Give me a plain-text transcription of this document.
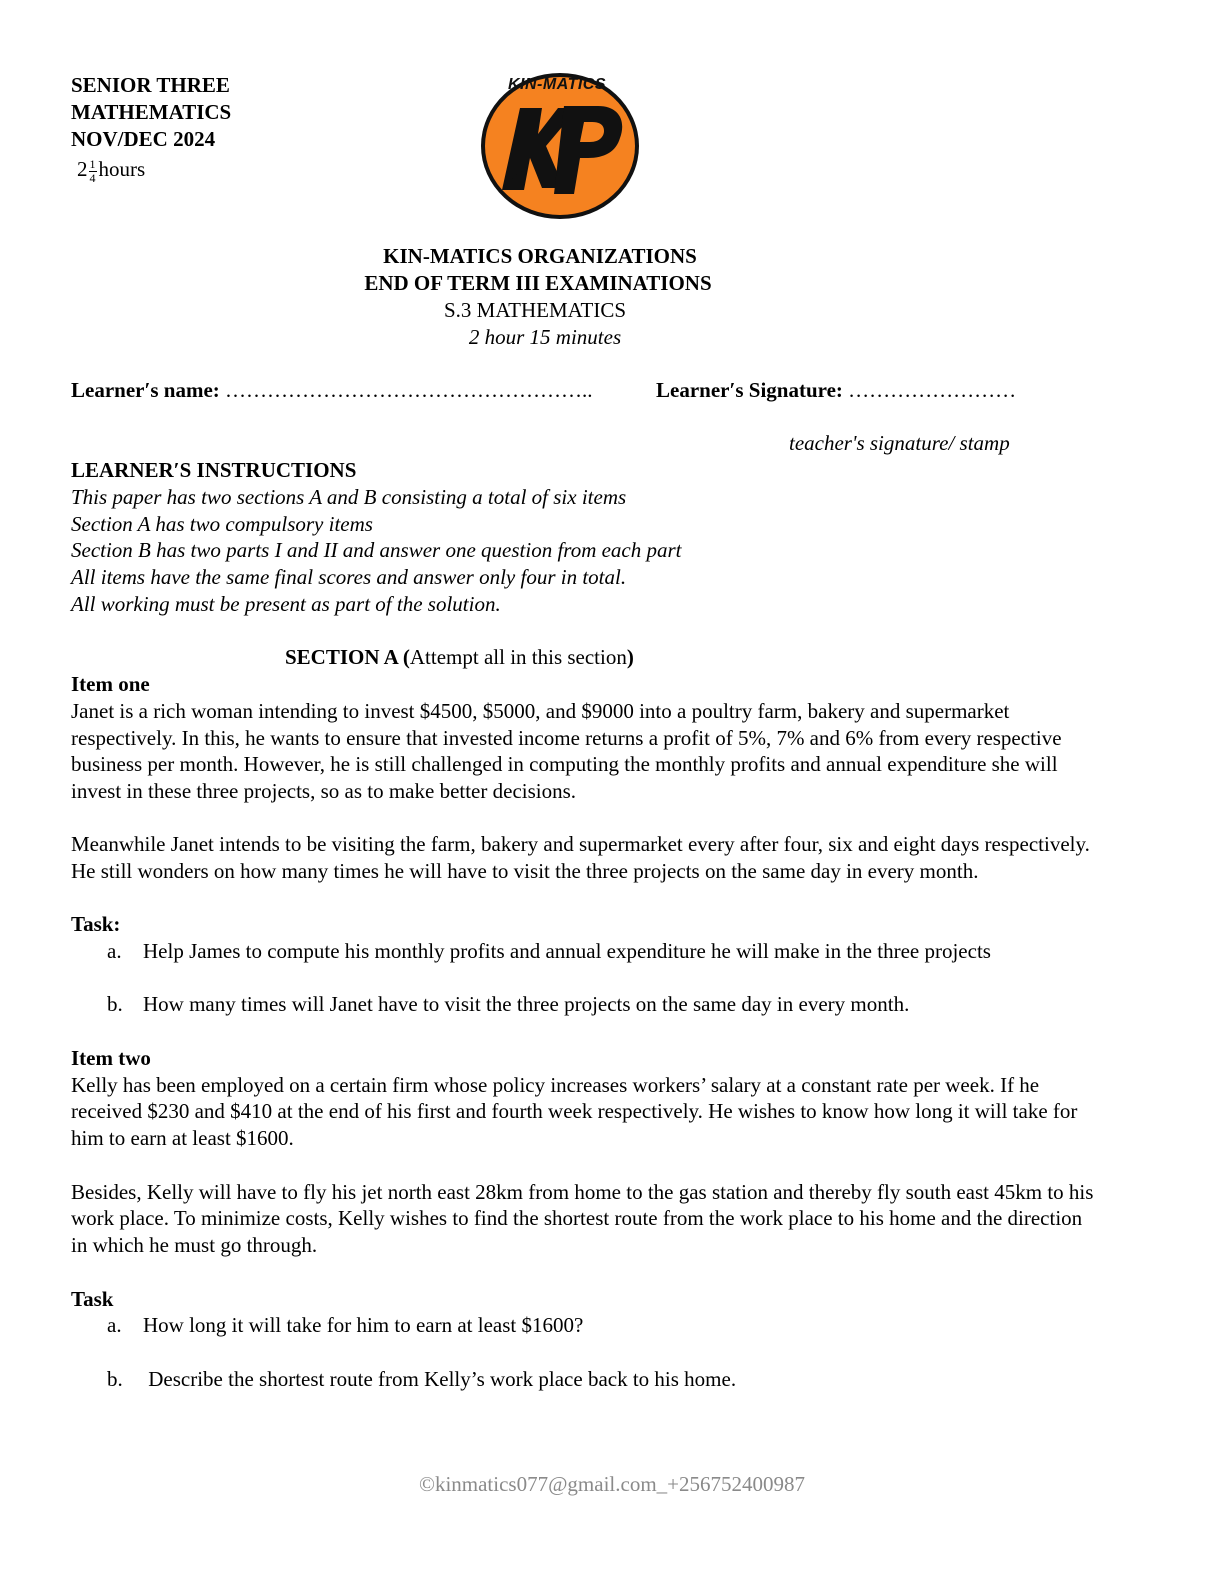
SENIOR THREE
MATHEMATICS
NOV/DEC 2024
$2 \frac{1}{4}$ hours
KIN-MATICS
KIN-MATICS ORGANIZATIONS
END OF TERM III EXAMINATIONS
S.3 MATHEMATICS
2 hour 15 minutes
Learner′s name: ……………………………………………..	Learner′s Signature: ……………………
teacher's signature/ stamp
LEARNER′S INSTRUCTIONS
This paper has two sections A and B consisting a total of six items
Section A has two compulsory items
Section B has two parts I and II and answer one question from each part
All items have the same final scores and answer only four in total.
All working must be present as part of the solution.
SECTION A (Attempt all in this section)
Item one
Janet is a rich woman intending to invest $4500, $5000, and $9000 into a poultry farm, bakery and supermarket
respectively. In this, he wants to ensure that invested income returns a profit of 5%, 7% and 6% from every respective
business per month. However, he is still challenged in computing the monthly profits and annual expenditure she will
invest in these three projects, so as to make better decisions.
Meanwhile Janet intends to be visiting the farm, bakery and supermarket every after four, six and eight days respectively.
He still wonders on how many times he will have to visit the three projects on the same day in every month.
Task:
a. Help James to compute his monthly profits and annual expenditure he will make in the three projects
b. How many times will Janet have to visit the three projects on the same day in every month.
Item two
Kelly has been employed on a certain firm whose policy increases workers’ salary at a constant rate per week. If he
received $230 and $410 at the end of his first and fourth week respectively. He wishes to know how long it will take for
him to earn at least $1600.
Besides, Kelly will have to fly his jet north east 28km from home to the gas station and thereby fly south east 45km to his
work place. To minimize costs, Kelly wishes to find the shortest route from the work place to his home and the direction
in which he must go through.
Task
a. How long it will take for him to earn at least $1600?
b. Describe the shortest route from Kelly’s work place back to his home.
©kinmatics077@gmail.com_+256752400987
